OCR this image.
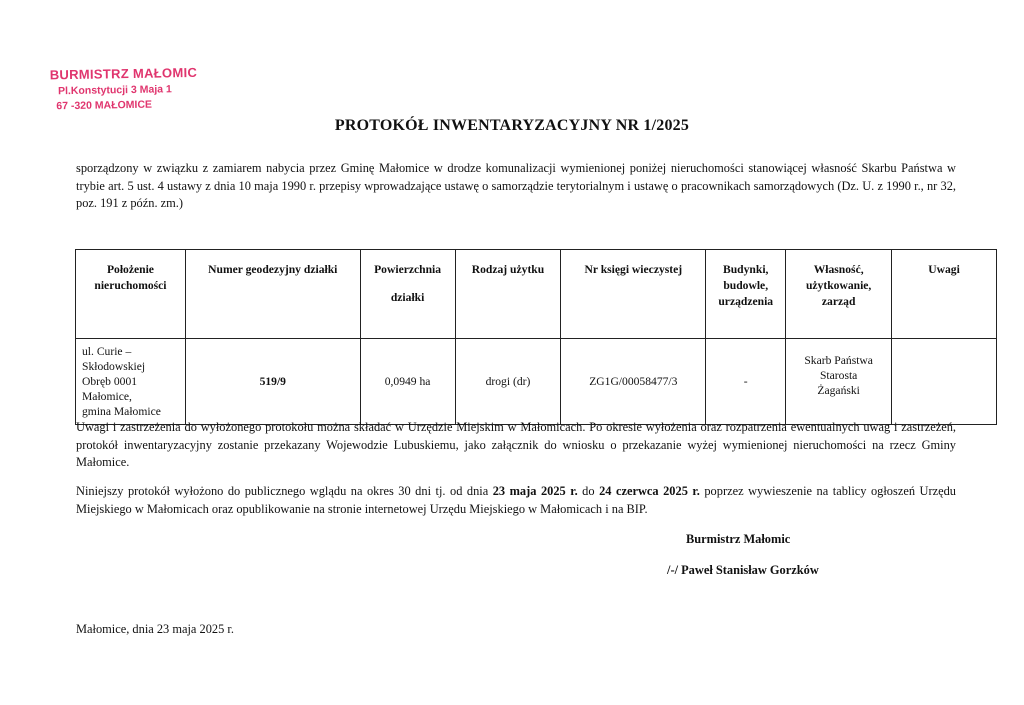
BURMISTRZ MAŁOMIC
Pl.Konstytucji 3 Maja 1
67 -320 MAŁOMICE
PROTOKÓŁ INWENTARYZACYJNY NR 1/2025
sporządzony w związku z zamiarem nabycia przez Gminę Małomice w drodze komunalizacji wymienionej poniżej nieruchomości stanowiącej własność Skarbu Państwa w trybie art. 5 ust. 4 ustawy z dnia 10 maja 1990 r. przepisy wprowadzające ustawę o samorządzie terytorialnym i ustawę o pracownikach samorządowych (Dz. U. z 1990 r., nr 32, poz. 191 z późn. zm.)
Położenie
nieruchomości	Numer geodezyjny działki	Powierzchnia
działki	Rodzaj użytku	Nr księgi wieczystej	Budynki,
budowle,
urządzenia	Własność,
użytkowanie,
zarząd	Uwagi

ul. Curie –
Skłodowskiej
Obręb 0001
Małomice,
gmina Małomice	519/9	0,0949 ha	drogi (dr)	ZG1G/00058477/3	-	Skarb Państwa
Starosta
Żagański	

Uwagi i zastrzeżenia do wyłożonego protokołu można składać w Urzędzie Miejskim w Małomicach. Po okresie wyłożenia oraz rozpatrzenia ewentualnych uwag i zastrzeżeń, protokół inwentaryzacyjny zostanie przekazany Wojewodzie Lubuskiemu, jako załącznik do wniosku o przekazanie wyżej wymienionej nieruchomości na rzecz Gminy Małomice.
Niniejszy protokół wyłożono do publicznego wglądu na okres 30 dni tj. od dnia 23 maja 2025 r. do 24 czerwca 2025 r. poprzez wywieszenie na tablicy ogłoszeń Urzędu Miejskiego w Małomicach oraz opublikowanie na stronie internetowej Urzędu Miejskiego w Małomicach i na BIP.
Burmistrz Małomic
/-/ Paweł Stanisław Gorzków
Małomice, dnia 23 maja 2025 r.
